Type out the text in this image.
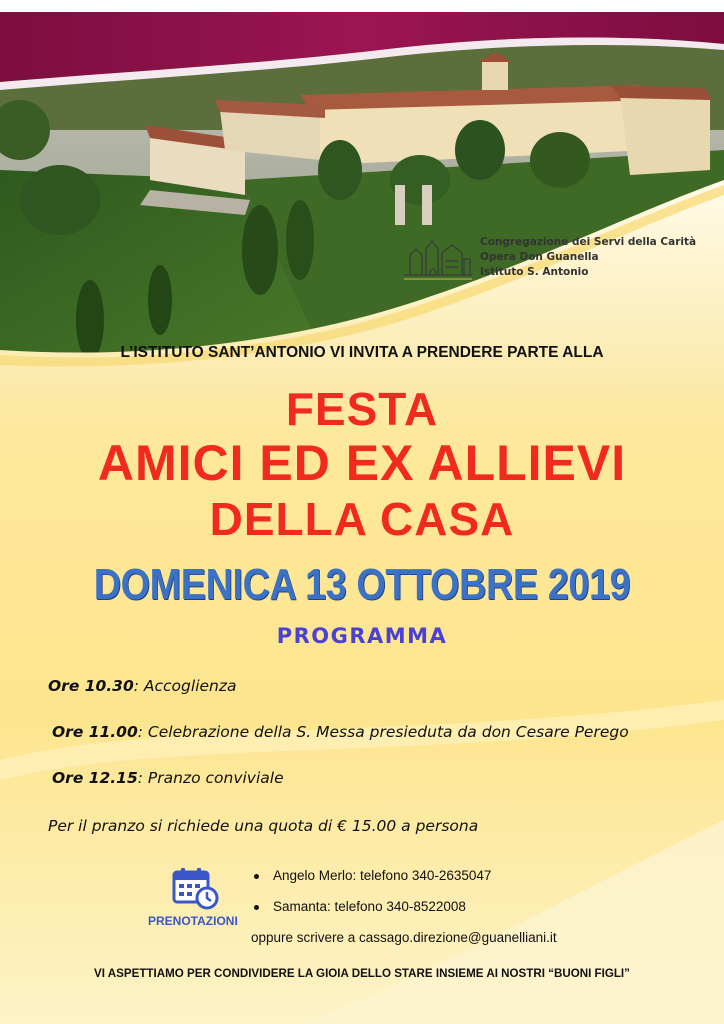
Congregazione dei Servi della Carità
Opera Don Guanella
Istituto S. Antonio
L’ISTITUTO SANT’ANTONIO VI INVITA A PRENDERE PARTE ALLA
FESTA
AMICI ED EX ALLIEVI
DELLA CASA
DOMENICA 13 OTTOBRE 2019
PROGRAMMA
Ore 10.30: Accoglienza
Ore 11.00: Celebrazione della S. Messa presieduta da don Cesare Perego
Ore 12.15: Pranzo conviviale
Per il pranzo si richiede una quota di € 15.00 a persona
PRENOTAZIONI
Angelo Merlo: telefono 340-2635047
Samanta: telefono 340-8522008
oppure scrivere a cassago.direzione@guanelliani.it
VI ASPETTIAMO PER CONDIVIDERE LA GIOIA DELLO STARE INSIEME AI NOSTRI “BUONI FIGLI”
